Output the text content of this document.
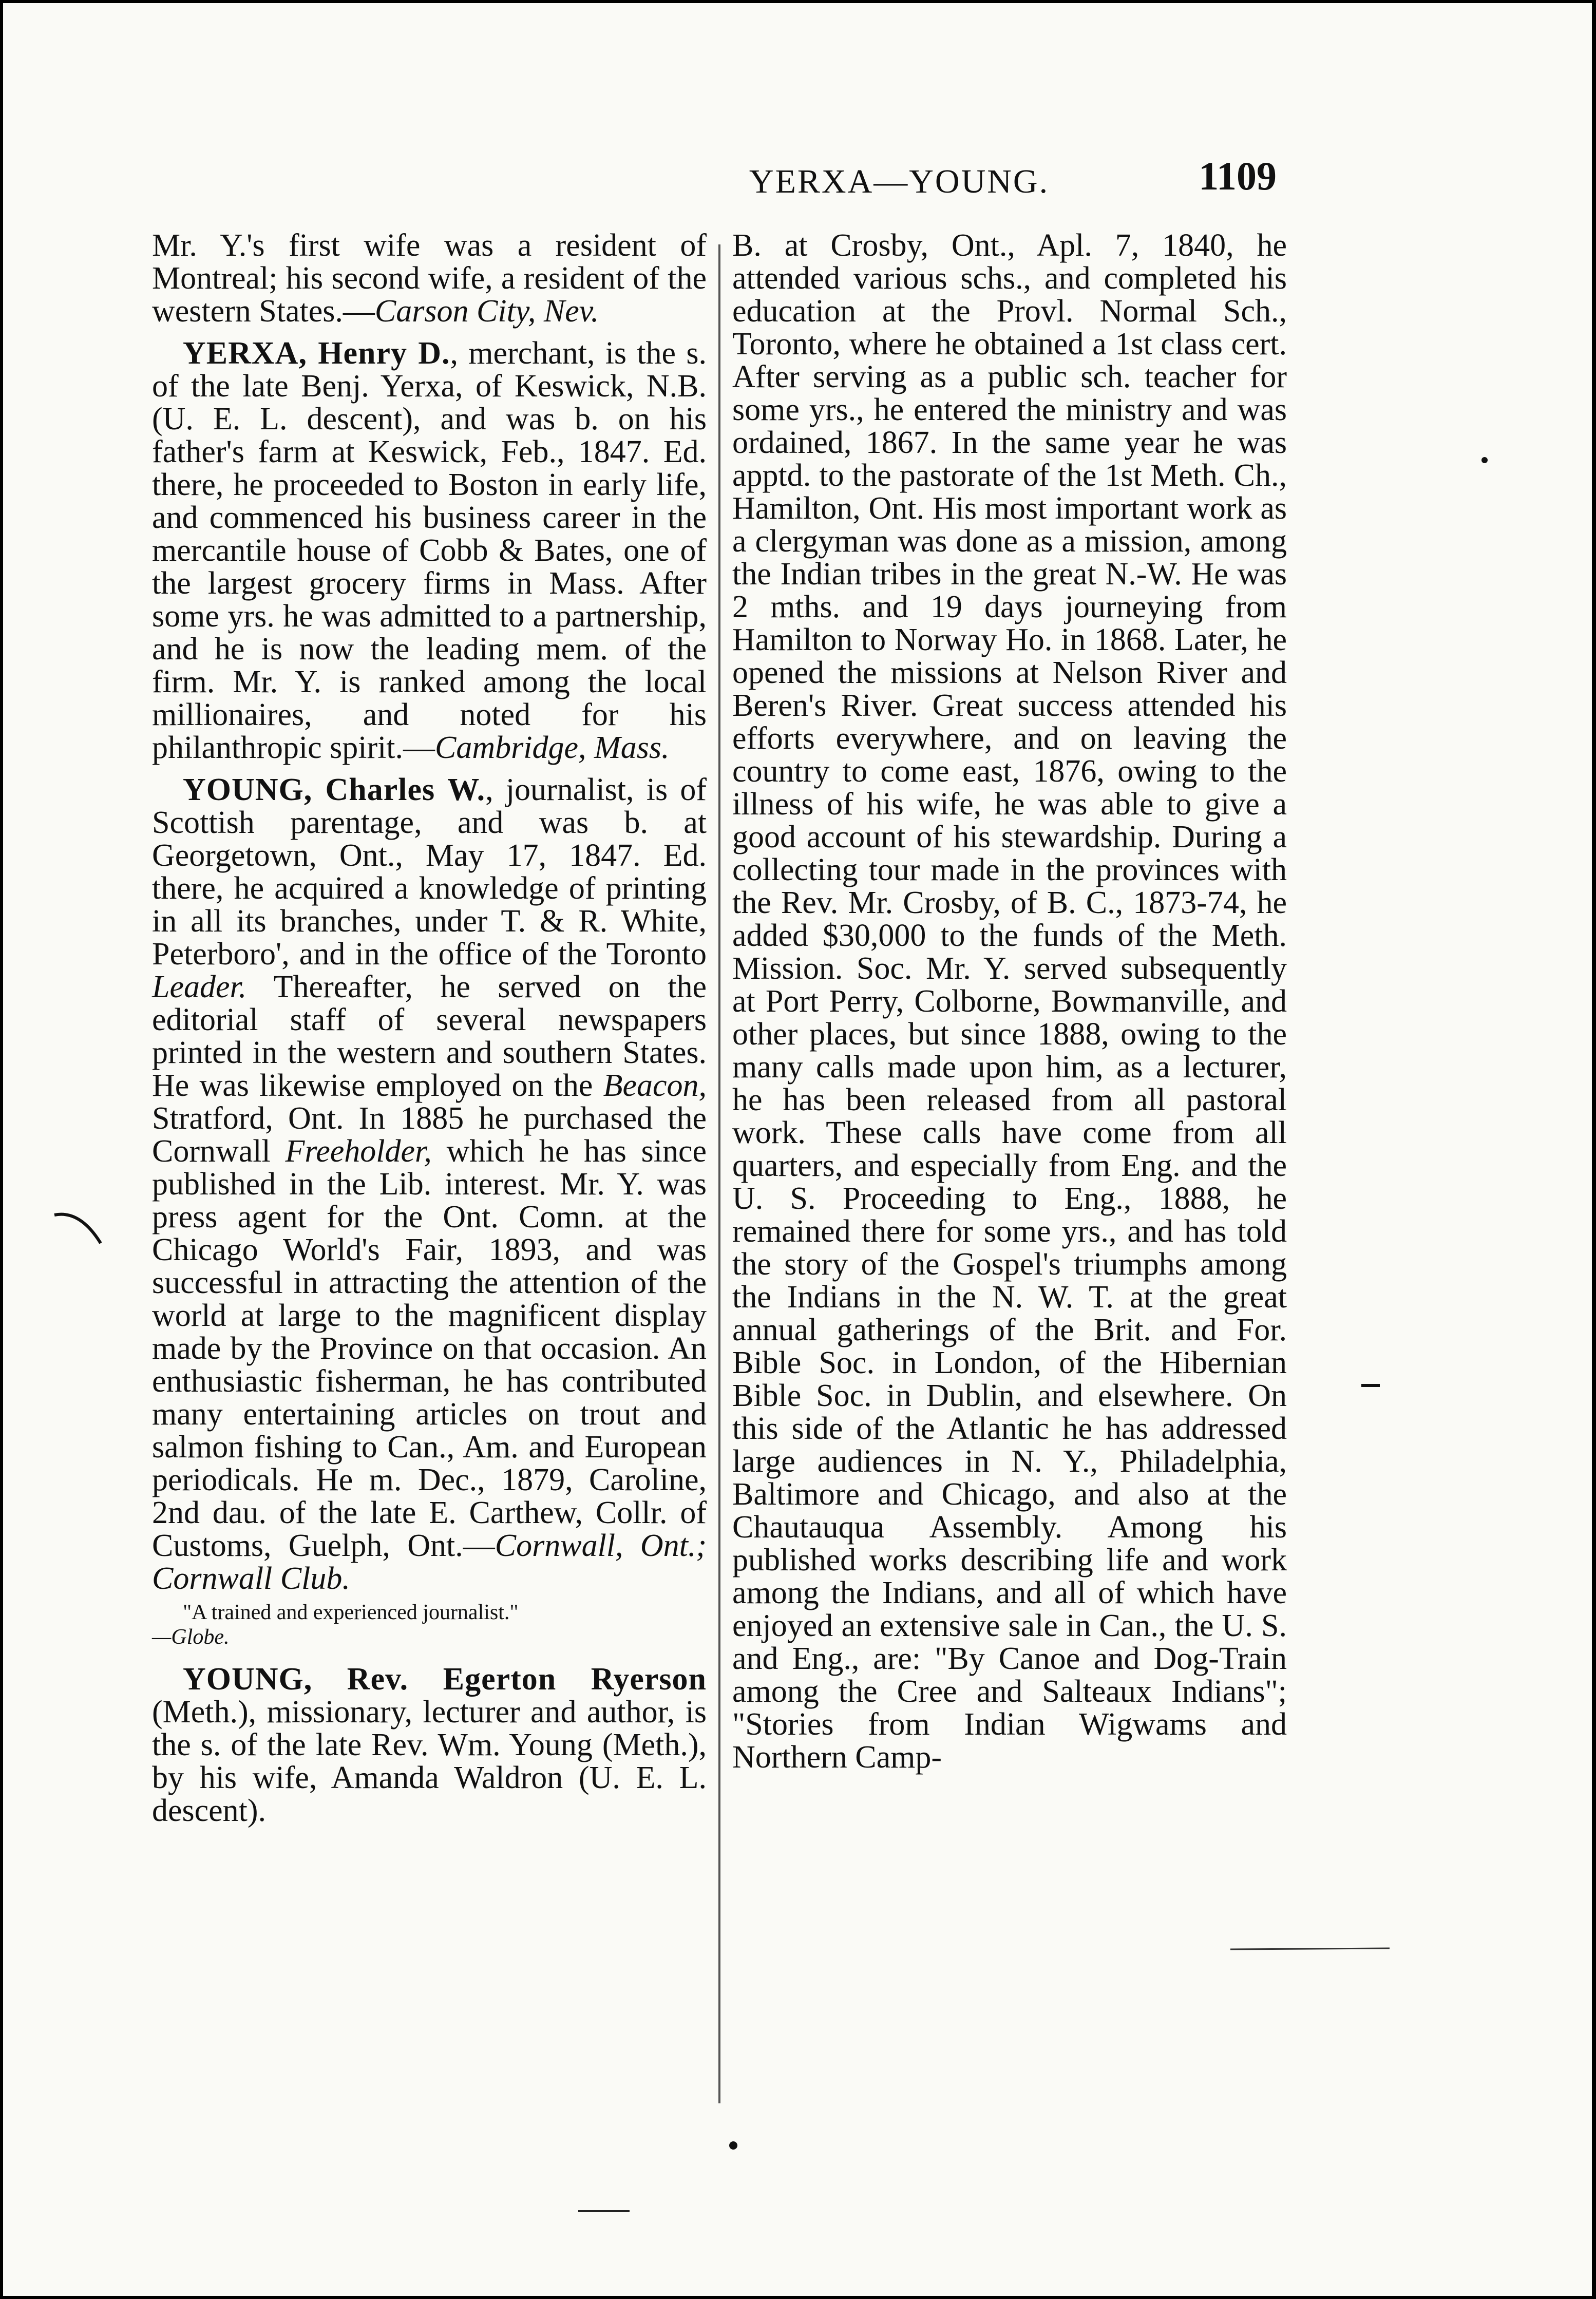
YERXA—YOUNG.	1109

Mr. Y.'s first wife was a resident of Montreal; his second wife, a resident of the western States.—Carson City, Nev.

YERXA, Henry D., merchant, is the s. of the late Benj. Yerxa, of Keswick, N.B. (U. E. L. descent), and was b. on his father's farm at Keswick, Feb., 1847. Ed. there, he proceeded to Boston in early life, and commenced his business career in the mercantile house of Cobb & Bates, one of the largest grocery firms in Mass. After some yrs. he was admitted to a partnership, and he is now the leading mem. of the firm. Mr. Y. is ranked among the local millionaires, and noted for his philanthropic spirit.—Cambridge, Mass.

YOUNG, Charles W., journalist, is of Scottish parentage, and was b. at Georgetown, Ont., May 17, 1847. Ed. there, he acquired a knowledge of printing in all its branches, under T. & R. White, Peterboro', and in the office of the Toronto Leader. Thereafter, he served on the editorial staff of several newspapers printed in the western and southern States. He was likewise employed on the Beacon, Stratford, Ont. In 1885 he purchased the Cornwall Freeholder, which he has since published in the Lib. interest. Mr. Y. was press agent for the Ont. Comn. at the Chicago World's Fair, 1893, and was successful in attracting the attention of the world at large to the magnificent display made by the Province on that occasion. An enthusiastic fisherman, he has contributed many entertaining articles on trout and salmon fishing to Can., Am. and European periodicals. He m. Dec., 1879, Caroline, 2nd dau. of the late E. Carthew, Collr. of Customs, Guelph, Ont.—Cornwall, Ont.; Cornwall Club.

"A trained and experienced journalist."
—Globe.

YOUNG, Rev. Egerton Ryerson (Meth.), missionary, lecturer and author, is the s. of the late Rev. Wm. Young (Meth.), by his wife, Amanda Waldron (U. E. L. descent).

B. at Crosby, Ont., Apl. 7, 1840, he attended various schs., and completed his education at the Provl. Normal Sch., Toronto, where he obtained a 1st class cert. After serving as a public sch. teacher for some yrs., he entered the ministry and was ordained, 1867. In the same year he was apptd. to the pastorate of the 1st Meth. Ch., Hamilton, Ont. His most important work as a clergyman was done as a mission, among the Indian tribes in the great N.-W. He was 2 mths. and 19 days journeying from Hamilton to Norway Ho. in 1868. Later, he opened the missions at Nelson River and Beren's River. Great success attended his efforts everywhere, and on leaving the country to come east, 1876, owing to the illness of his wife, he was able to give a good account of his stewardship. During a collecting tour made in the provinces with the Rev. Mr. Crosby, of B. C., 1873-74, he added $30,000 to the funds of the Meth. Mission. Soc. Mr. Y. served subsequently at Port Perry, Colborne, Bowmanville, and other places, but since 1888, owing to the many calls made upon him, as a lecturer, he has been released from all pastoral work. These calls have come from all quarters, and especially from Eng. and the U. S. Proceeding to Eng., 1888, he remained there for some yrs., and has told the story of the Gospel's triumphs among the Indians in the N. W. T. at the great annual gatherings of the Brit. and For. Bible Soc. in London, of the Hibernian Bible Soc. in Dublin, and elsewhere. On this side of the Atlantic he has addressed large audiences in N. Y., Philadelphia, Baltimore and Chicago, and also at the Chautauqua Assembly. Among his published works describing life and work among the Indians, and all of which have enjoyed an extensive sale in Can., the U. S. and Eng., are: "By Canoe and Dog-Train among the Cree and Salteaux Indians"; "Stories from Indian Wigwams and Northern Camp-
